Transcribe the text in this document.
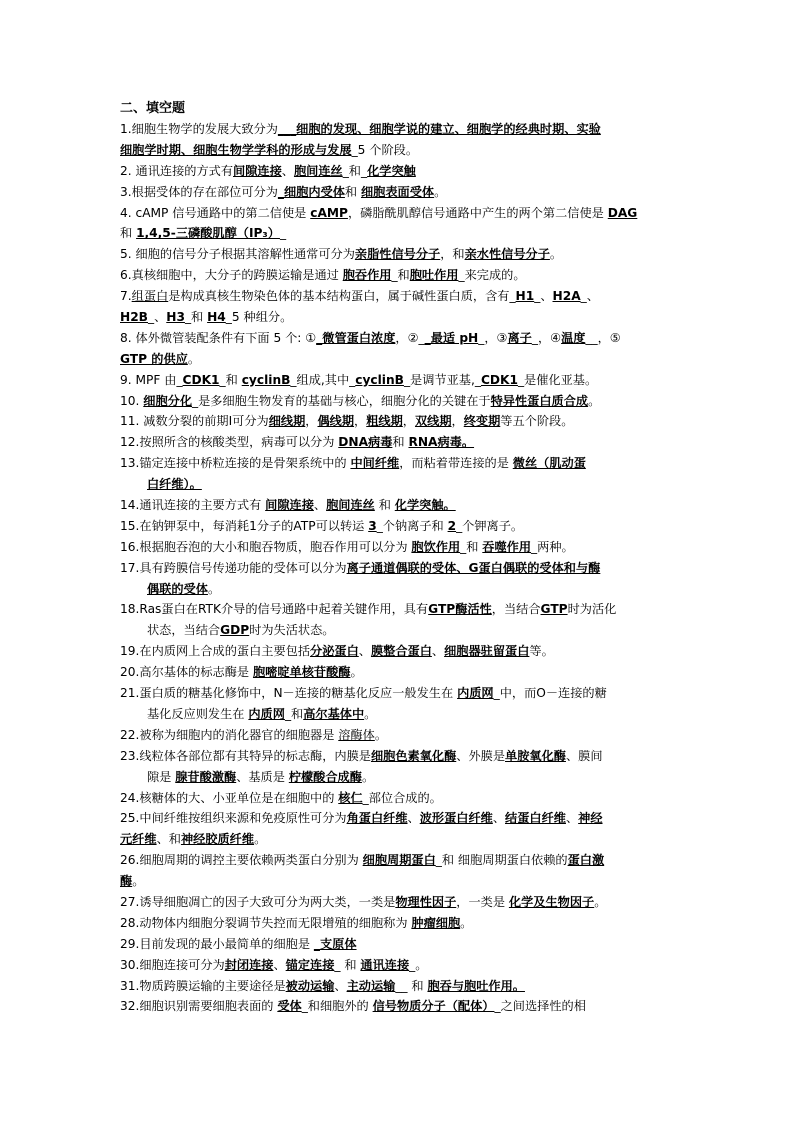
二、填空题
1.细胞生物学的发展大致分为___细胞的发现、细胞学说的建立、细胞学的经典时期、实验
细胞学时期、细胞生物学学科的形成与发展_5 个阶段。
2. 通讯连接的方式有间隙连接、胞间连丝_和_化学突触
3.根据受体的存在部位可分为_细胞内受体和 细胞表面受体。
4. cAMP 信号通路中的第二信使是 cAMP，磷脂酰肌醇信号通路中产生的两个第二信使是 DAG
和 1,4,5-三磷酸肌醇（IP₃）_
5. 细胞的信号分子根据其溶解性通常可分为亲脂性信号分子，和亲水性信号分子。
6.真核细胞中，大分子的跨膜运输是通过 胞吞作用_和胞吐作用_来完成的。
7.组蛋白是构成真核生物染色体的基本结构蛋白，属于碱性蛋白质，含有_H1_、H2A_、
H2B_、H3_和 H4_5 种组分。
8. 体外微管装配条件有下面 5 个: ①_微管蛋白浓度，②__最适 pH_，③离子_，④温度__，⑤
GTP 的供应。
9. MPF 由_CDK1_和 cyclinB_组成,其中_cyclinB_是调节亚基,_CDK1_是催化亚基。
10. 细胞分化_是多细胞生物发育的基础与核心，细胞分化的关键在于特异性蛋白质合成。
11. 减数分裂的前期I可分为细线期，偶线期，粗线期，双线期，终变期等五个阶段。
12.按照所含的核酸类型，病毒可以分为 DNA病毒和 RNA病毒。
13.锚定连接中桥粒连接的是骨架系统中的 中间纤维，而粘着带连接的是 微丝（肌动蛋
白纤维）。
14.通讯连接的主要方式有 间隙连接、胞间连丝 和 化学突触。
15.在钠钾泵中，每消耗1分子的ATP可以转运 3_个钠离子和 2_个钾离子。
16.根据胞吞泡的大小和胞吞物质，胞吞作用可以分为 胞饮作用_和 吞噬作用_两种。
17.具有跨膜信号传递功能的受体可以分为离子通道偶联的受体、G蛋白偶联的受体和与酶
偶联的受体。
18.Ras蛋白在RTK介导的信号通路中起着关键作用，具有GTP酶活性，当结合GTP时为活化
状态，当结合GDP时为失活状态。
19.在内质网上合成的蛋白主要包括分泌蛋白、膜整合蛋白、细胞器驻留蛋白等。
20.高尔基体的标志酶是 胞嘧啶单核苷酸酶。
21.蛋白质的糖基化修饰中，N－连接的糖基化反应一般发生在 内质网_中，而O－连接的糖
基化反应则发生在 内质网_和高尔基体中。
22.被称为细胞内的消化器官的细胞器是 溶酶体。
23.线粒体各部位都有其特异的标志酶，内膜是细胞色素氧化酶、外膜是单胺氧化酶、膜间
隙是 腺苷酸激酶、基质是 柠檬酸合成酶。
24.核糖体的大、小亚单位是在细胞中的 核仁_部位合成的。
25.中间纤维按组织来源和免疫原性可分为角蛋白纤维、波形蛋白纤维、结蛋白纤维、神经
元纤维、和神经胶质纤维。
26.细胞周期的调控主要依赖两类蛋白分别为 细胞周期蛋白_和 细胞周期蛋白依赖的蛋白激
酶。
27.诱导细胞凋亡的因子大致可分为两大类，一类是物理性因子，一类是 化学及生物因子。
28.动物体内细胞分裂调节失控而无限增殖的细胞称为 肿瘤细胞。
29.目前发现的最小最简单的细胞是 _支原体
30.细胞连接可分为封闭连接、锚定连接_ 和 通讯连接_。
31.物质跨膜运输的主要途径是被动运输、主动运输__ 和 胞吞与胞吐作用。
32.细胞识别需要细胞表面的 受体_和细胞外的 信号物质分子（配体）_之间选择性的相
